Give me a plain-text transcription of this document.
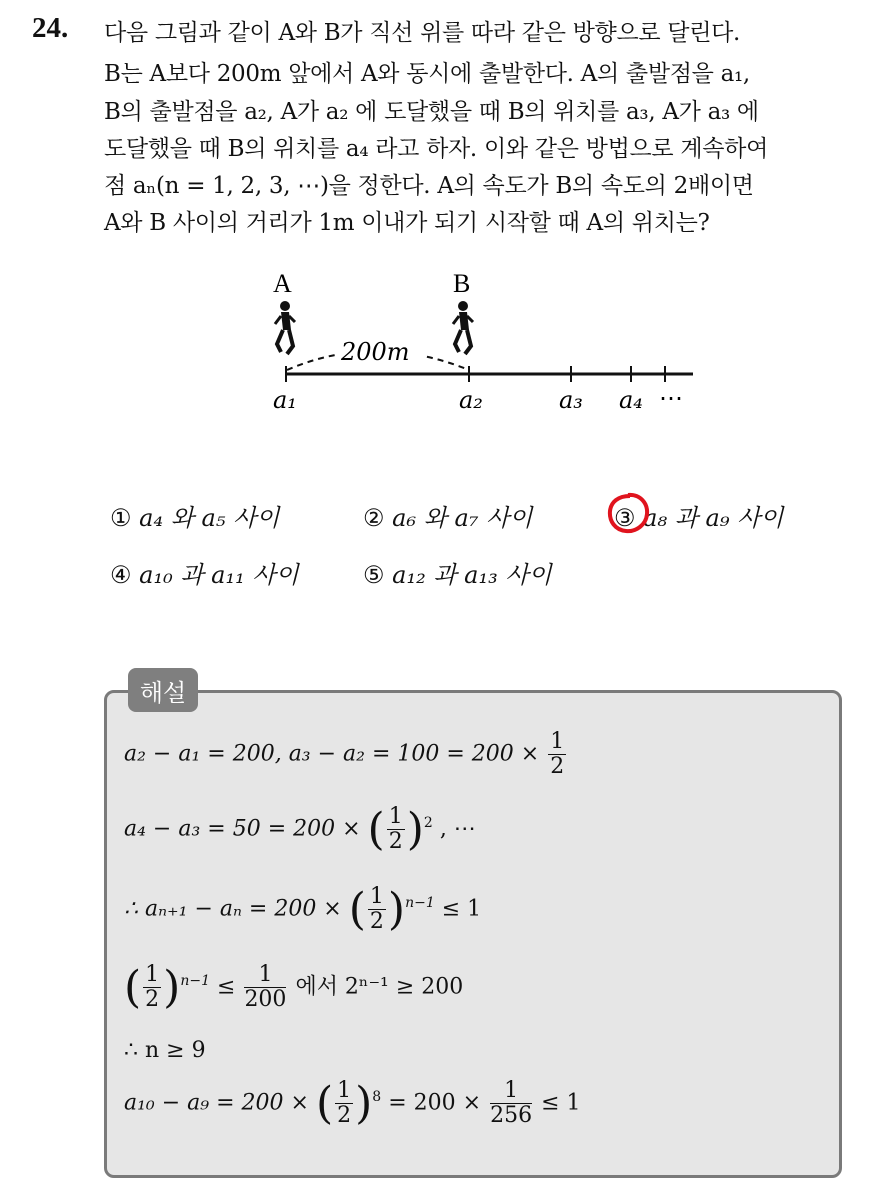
24. 다음 그림과 같이 A와 B가 직선 위를 따라 같은 방향으로 달린다.
B는 A보다 200m 앞에서 A와 동시에 출발한다. A의 출발점을 a₁,
B의 출발점을 a₂, A가 a₂ 에 도달했을 때 B의 위치를 a₃, A가 a₃ 에
도달했을 때 B의 위치를 a₄ 라고 하자. 이와 같은 방법으로 계속하여
점 aₙ(n = 1, 2, 3, ⋯)을 정한다. A의 속도가 B의 속도의 2배이면
A와 B 사이의 거리가 1m 이내가 되기 시작할 때 A의 위치는?
A	B
200m
a₁	a₂	a₃ a₄ ⋯
① a₄ 와 a₅ 사이	② a₆ 와 a₇ 사이	③ a₈ 과 a₉ 사이
④ a₁₀ 과 a₁₁ 사이	⑤ a₁₂ 과 a₁₃ 사이
해설
a₂ − a₁ = 200, $a_3 - a_2 = 100 = 200 \times \frac{1}{2}$
a₄ − a₃ = 50 = 200 × ( $\frac{1}{2} )^2$ , ⋯
∴ aₙ₊₁ − aₙ = 200 × ( $\frac{1}{2} )^{n-1} \le 1$
( $\frac{1}{2} )^{n-1} \le \frac{1}{200}$ 에서 2ⁿ⁻¹ ≥ 200
∴ n ≥ 9
a₁₀ − a₉ = 200 × ( $\frac{1}{2} )^8 = 200 \times \frac{1}{256} \le 1$
